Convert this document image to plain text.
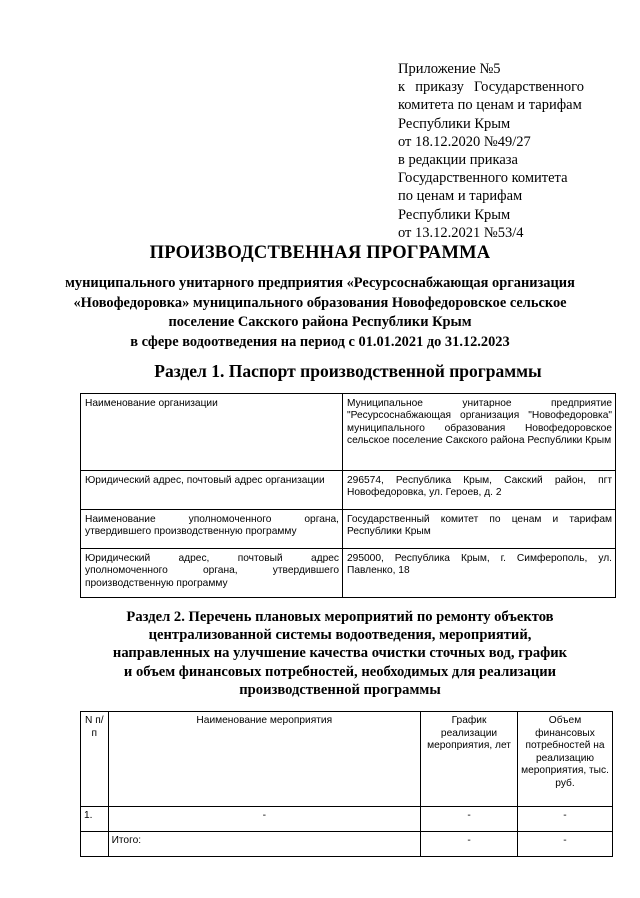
Приложение №5
к приказу Государственного
комитета по ценам и тарифам
Республики Крым
от 18.12.2020 №49/27
в редакции приказа
Государственного комитета
по ценам и тарифам
Республики Крым
от 13.12.2021 №53/4
ПРОИЗВОДСТВЕННАЯ ПРОГРАММА
муниципального унитарного предприятия «Ресурсоснабжающая организация
«Новофедоровка» муниципального образования Новофедоровское сельское
поселение Сакского района Республики Крым
в сфере водоотведения на период с 01.01.2021 до 31.12.2023
Раздел 1. Паспорт производственной программы
Наименование организации	Муниципальное унитарное предприятие "Ресурсоснабжающая организация "Новофедоровка" муниципального образования Новофедоровское сельское поселение Сакского района Республики Крым
Юридический адрес, почтовый адрес организации	296574, Республика Крым, Сакский район, пгт Новофедоровка, ул. Героев, д. 2
Наименование уполномоченного органа, утвердившего производственную программу	Государственный комитет по ценам и тарифам Республики Крым
Юридический адрес, почтовый адрес уполномоченного органа, утвердившего производственную программу	295000, Республика Крым, г. Симферополь, ул. Павленко, 18
Раздел 2. Перечень плановых мероприятий по ремонту объектов
централизованной системы водоотведения, мероприятий,
направленных на улучшение качества очистки сточных вод, график
и объем финансовых потребностей, необходимых для реализации
производственной программы
N п/п	Наименование мероприятия	График реализации мероприятия, лет	Объем финансовых потребностей на реализацию мероприятия, тыс. руб.
1.	-	-	-
	Итого:	-	-
